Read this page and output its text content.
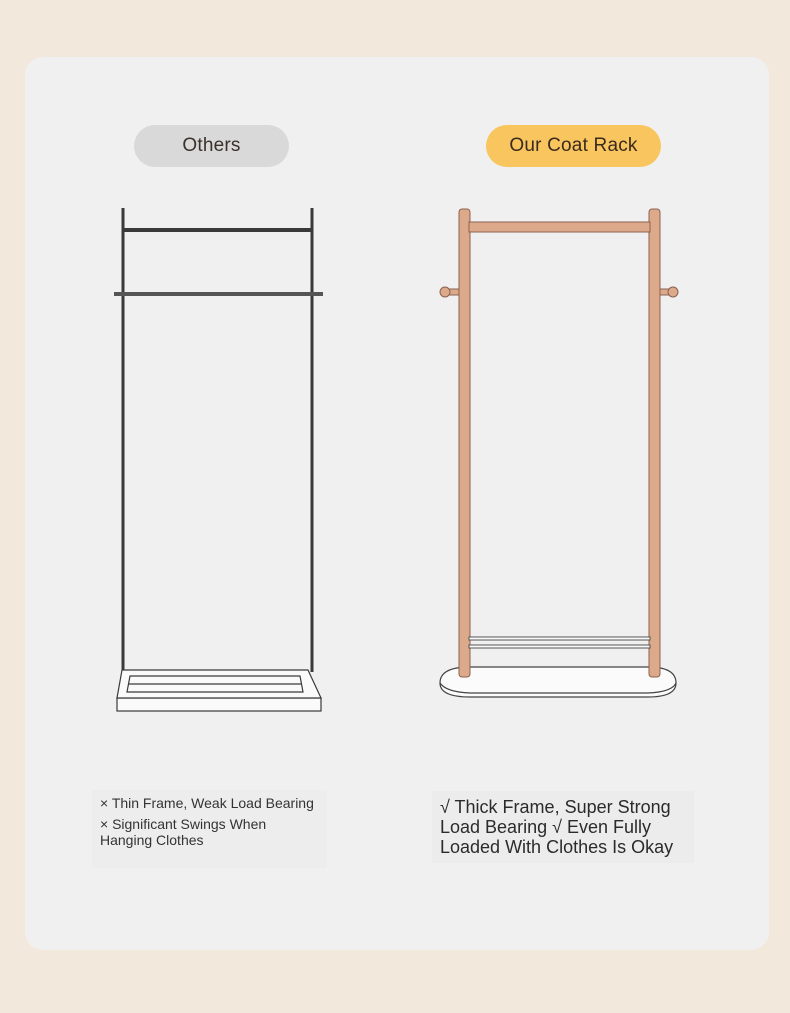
Others	Our Coat Rack

× Thin Frame, Weak Load Bearing

× Significant Swings When Hanging Clothes

√ Thick Frame, Super Strong Load Bearing √ Even Fully Loaded With Clothes Is Okay
